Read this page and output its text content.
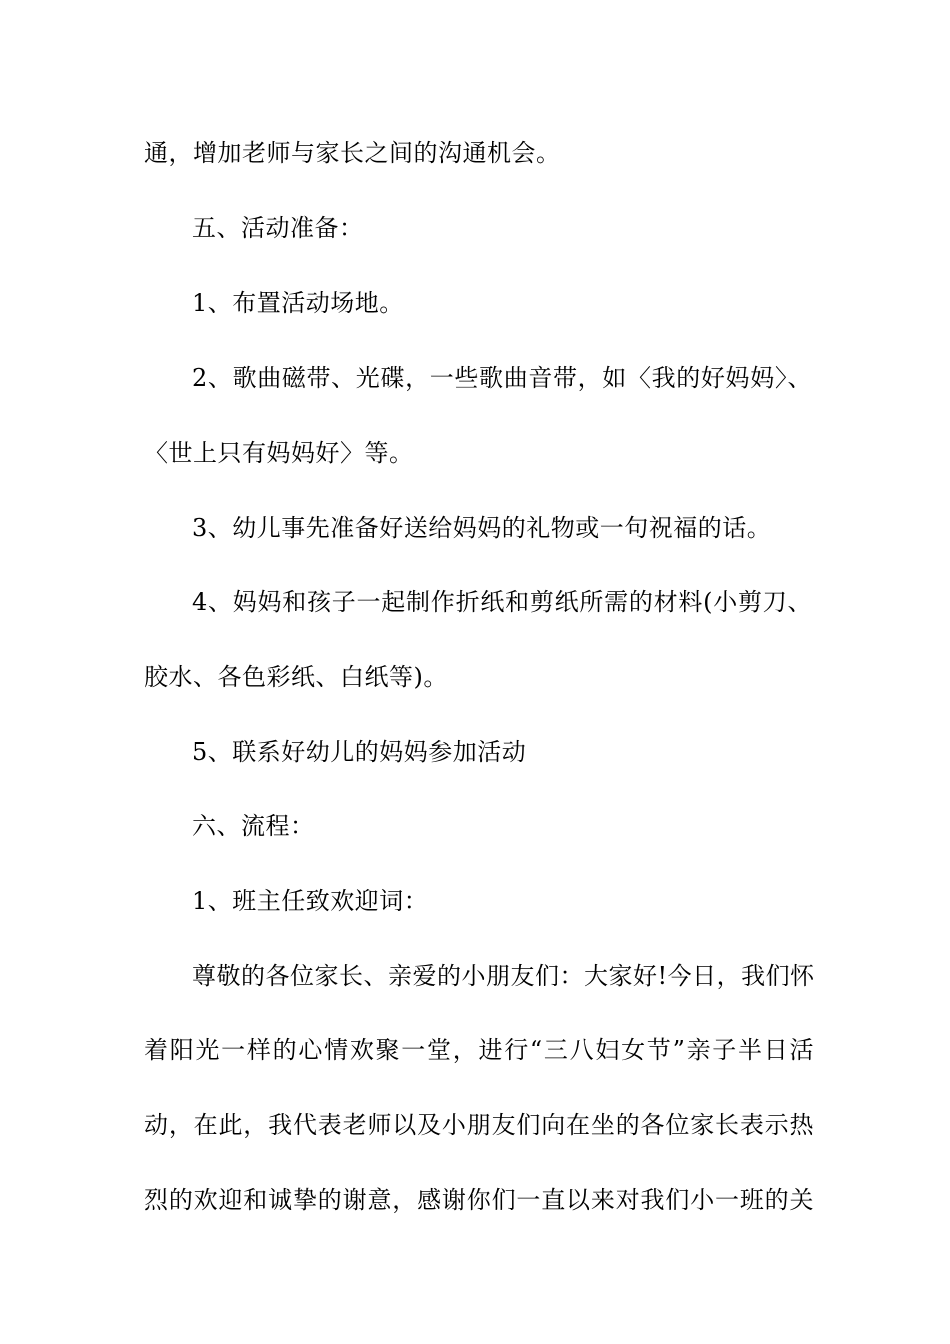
通，增加老师与家长之间的沟通机会。
五、活动准备：
1、布置活动场地。
2、歌曲磁带、光碟，一些歌曲音带，如〈我的好妈妈〉、
〈世上只有妈妈好〉等。
3、幼儿事先准备好送给妈妈的礼物或一句祝福的话。
4、妈妈和孩子一起制作折纸和剪纸所需的材料(小剪刀、
胶水、各色彩纸、白纸等)。
5、联系好幼儿的妈妈参加活动
六、流程：
1、班主任致欢迎词：
尊敬的各位家长、亲爱的小朋友们：大家好!今日，我们怀
着阳光一样的心情欢聚一堂，进行“三八妇女节”亲子半日活
动，在此，我代表老师以及小朋友们向在坐的各位家长表示热
烈的欢迎和诚挚的谢意，感谢你们一直以来对我们小一班的关
